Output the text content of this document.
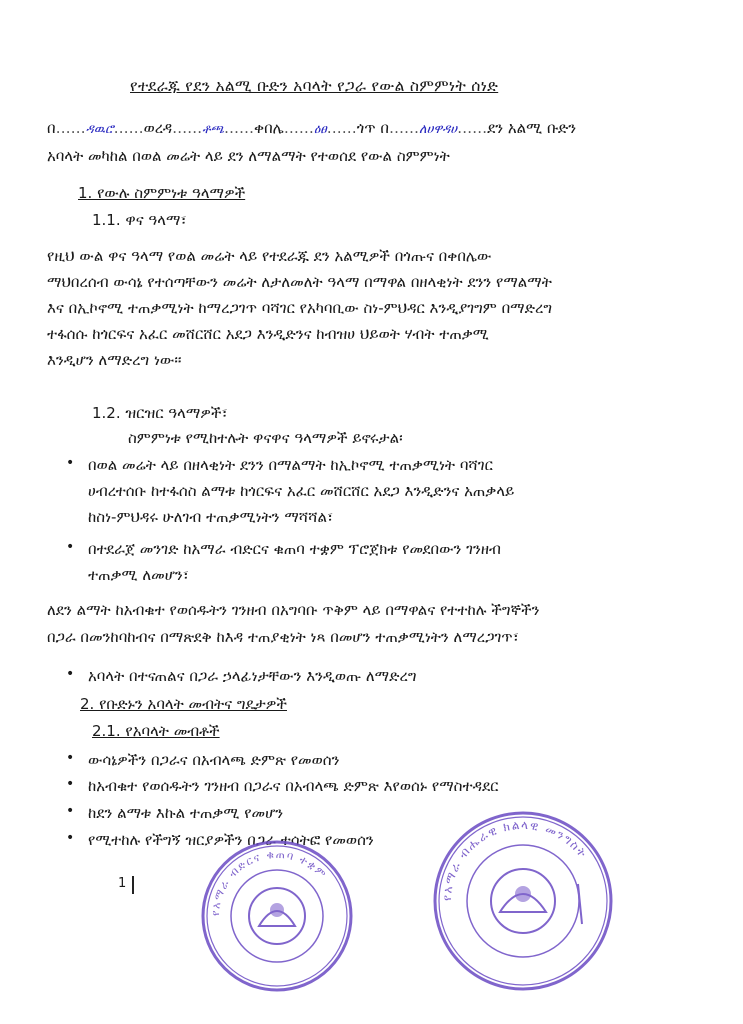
የተደራጁ የደን አልሚ ቡድን አባላት የጋራ የውል ስምምነት ሰነድ
በ……ዳዉሮ……ወረዳ……ቶጫ……ቀበሌ……ዕፀ……ጎጥ በ……ለሀዋዳሀ……ደን አልሚ ቡድን
አባላት መካከል በወል መሬት ላይ ደን ለማልማት የተወሰደ የውል ስምምነት
1. የውሉ ስምምነቱ ዓላማዎች
1.1. ዋና ዓላማ፣
የዚህ ውል ዋና ዓላማ የወል መሬት ላይ የተደራጁ ደን አልሚዎች በጎጡና በቀበሌው
ማህበረሰብ ውሳኔ የተሰጣቸውን መሬት ለታለመለት ዓላማ በማዋል በዘላቂነት ደንን የማልማት
እና በኢኮኖሚ ተጠቃሚነት ከማረጋገጥ ባሻገር የአካባቢው ስነ-ምህዳር እንዲያገግም በማድረግ
ተፋሰሱ ከጎርፍና አፈር መሸርሸር አደጋ እንዲድንና ከብዝሀ ህይወት ሃብት ተጠቃሚ
እንዲሆን ለማድረግ ነው፡፡
1.2. ዝርዝር ዓላማዎች፣
ስምምነቱ የሚከተሉት ዋናዋና ዓላማዎች ይኖሩታል፡
• በወል መሬት ላይ በዘላቂነት ደንን በማልማት ከኢኮኖሚ ተጠቃሚነት ባሻገር
ሀብረተሰቡ ከተፋሰስ ልማቱ ከጎርፍና አፈር መሸርሸር አደጋ እንዲድንና አጠቃላይ
ከስነ-ምህዳሩ ሁለገብ ተጠቃሚነትን ማሻሻል፣
• በተደራጀ መንገድ ከአማራ ብድርና ቁጠባ ተቋም ፕሮጀክቱ የመደበውን ገንዘብ
ተጠቃሚ ለመሆን፣
ለደን ልማት ከአብቁተ የወሰዱትን ገንዘብ በአግባቡ ጥቅም ላይ በማዋልና የተተከሉ ችግኞችን
በጋራ በመንከባከብና በማጽደቅ ከእዳ ተጠያቂነት ነጻ በመሆን ተጠቃሚነትን ለማረጋገጥ፣
• አባላት በተናጠልና በጋራ ኃላፊነታቸውን እንዲወጡ ለማድረግ
2. የቡድኑን አባላት መብትና ግዴታዎች
2.1. የአባላት መብቶች
• ውሳኔዎችን በጋራና በአብላጫ ድምጽ የመወሰን
• ከአብቁተ የወሰዱትን ገንዘብ በጋራና በአብላጫ ድምጽ እየወሰኑ የማስተዳደር
• ከደን ልማቱ እኩል ተጠቃሚ የመሆን
• የሚተከሉ የችግኝ ዝርያዎችን በጋራ ተሳትፎ የመወሰን
1
የአማራ ብድርና ቁጠባ ተቋም
የአማራ ብሔራዊ ክልላዊ መንግስት
